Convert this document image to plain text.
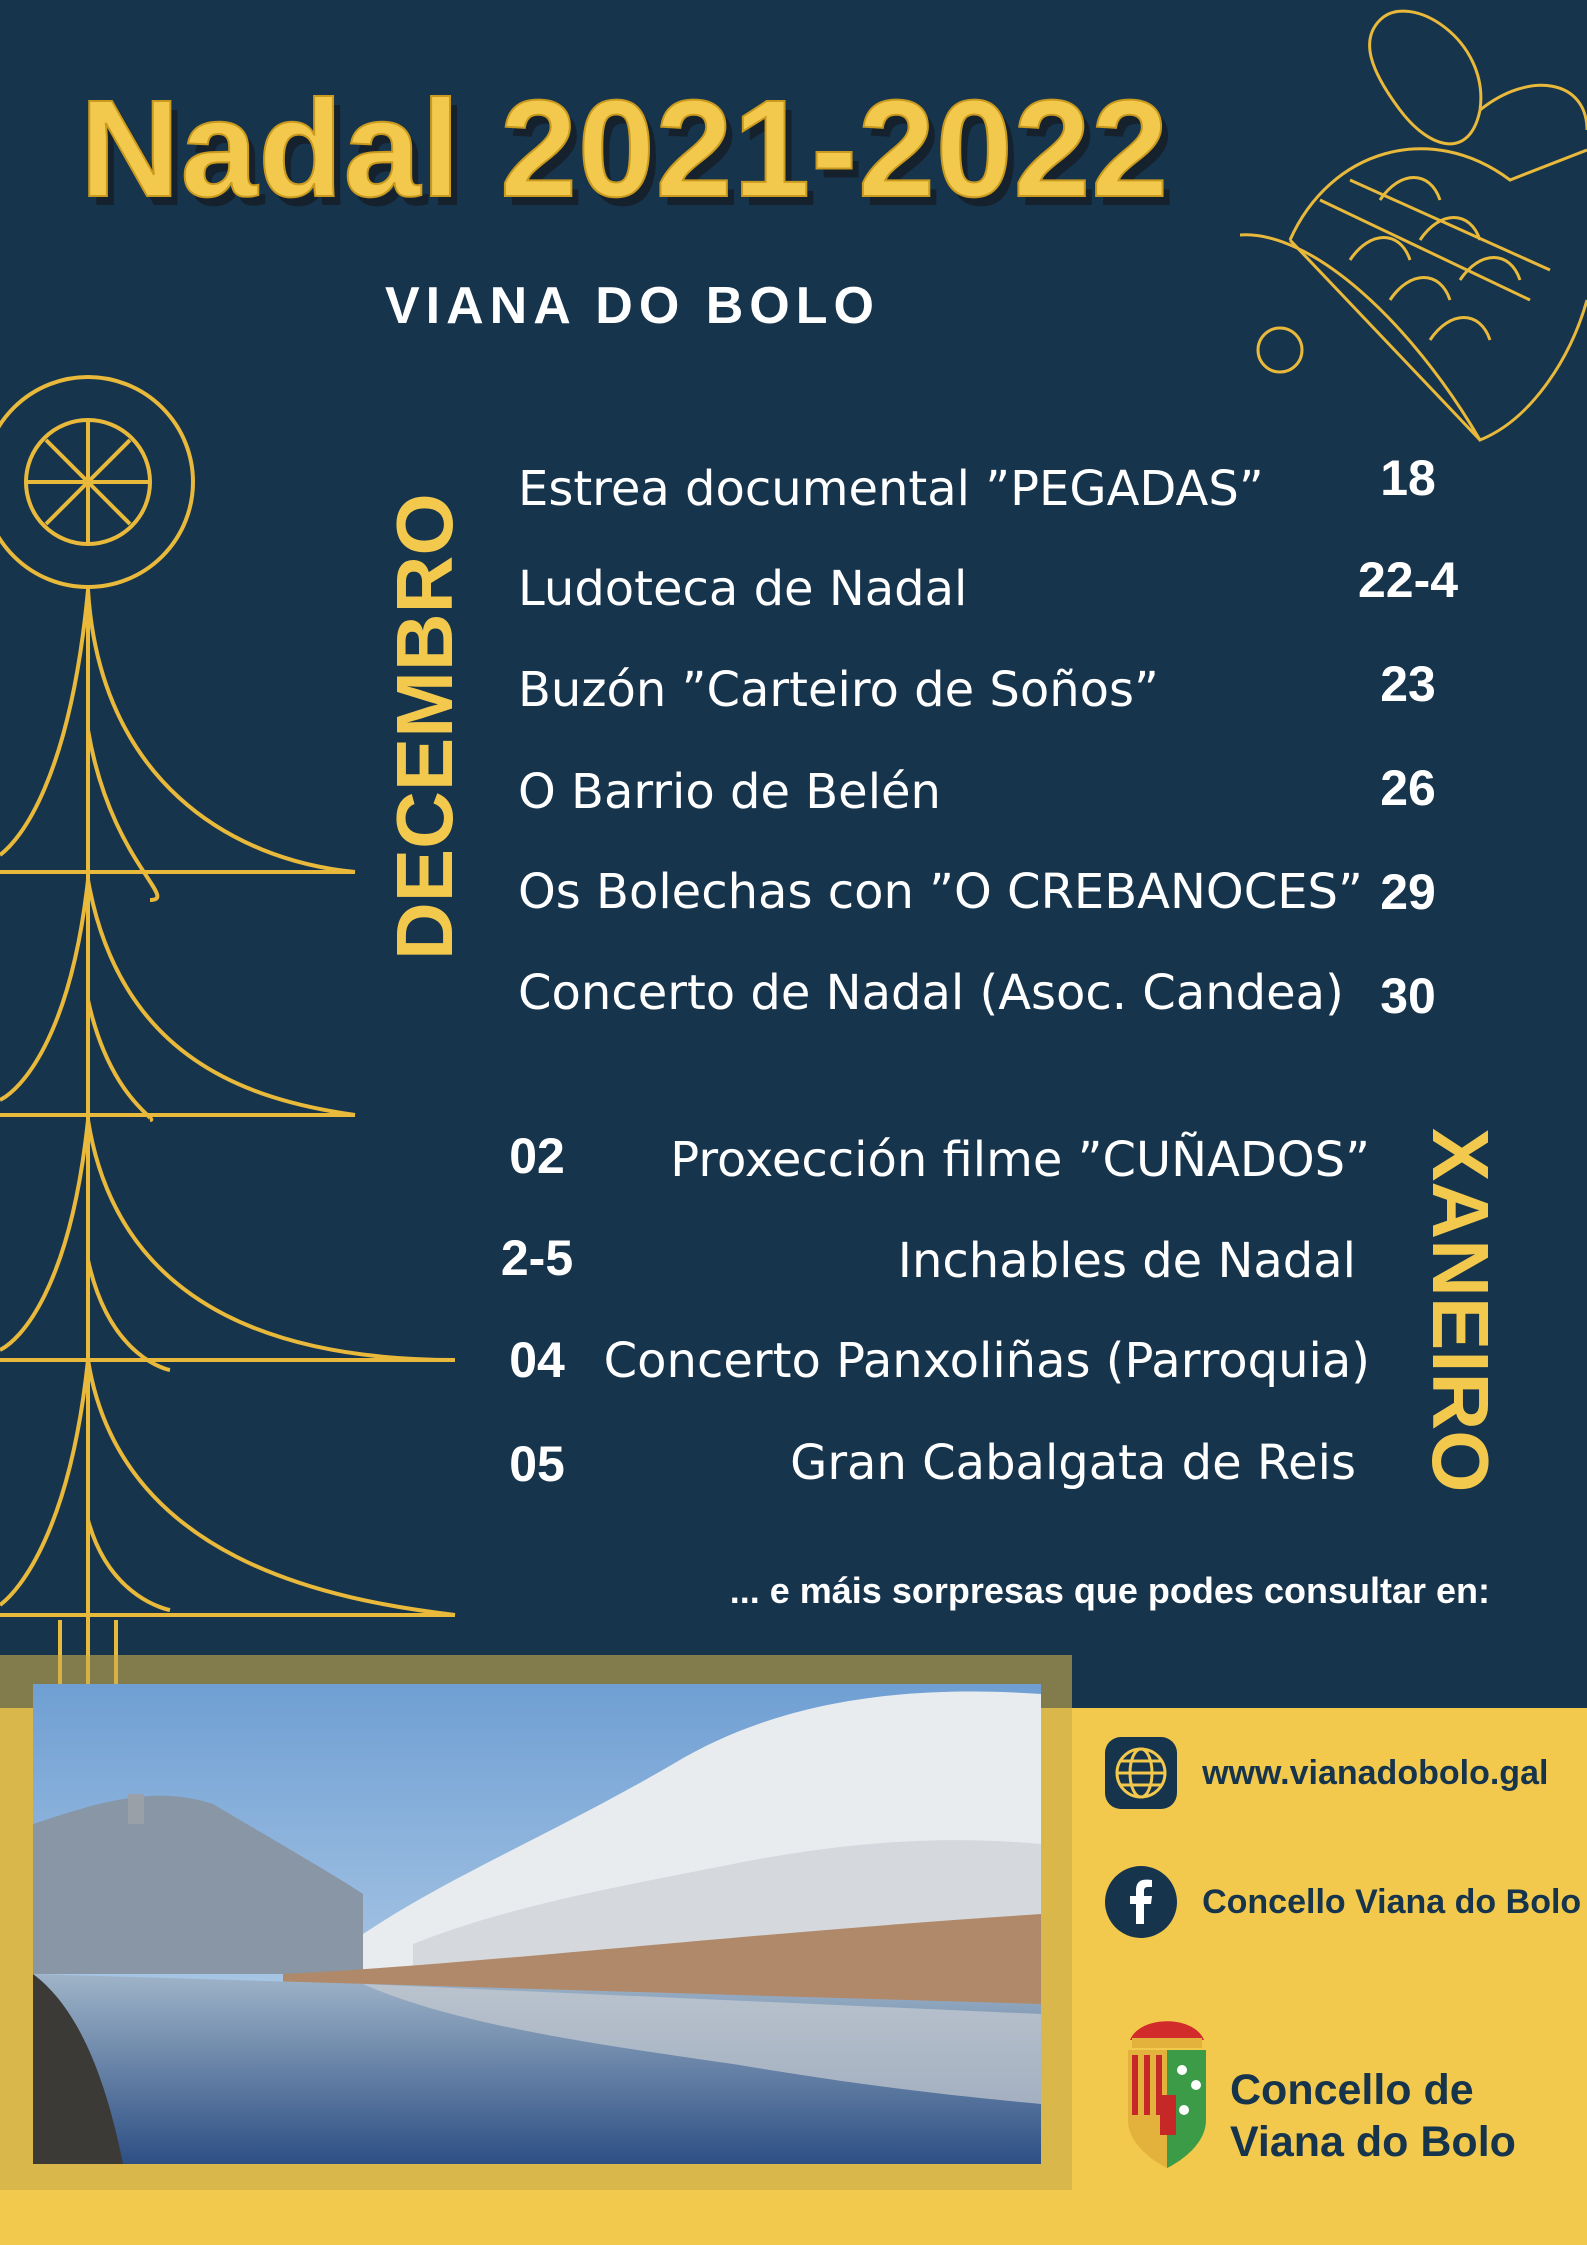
Nadal 2021-2022
VIANA DO BOLO
DECEMBRO
XANEIRO
Estrea documental ”PEGADAS”	18
Ludoteca de Nadal	22-4
Buzón ”Carteiro de Soños”	23
O Barrio de Belén	26
Os Bolechas con ”O CREBANOCES” 29
Concerto de Nadal (Asoc. Candea) 30
02	Proxección filme ”CUÑADOS”
2-5	Inchables de Nadal
04 Concerto Panxoliñas (Parroquia)
05	Gran Cabalgata de Reis
... e máis sorpresas que podes consultar en:
www.vianadobolo.gal
Concello Viana do Bolo
Concello de
Viana do Bolo
